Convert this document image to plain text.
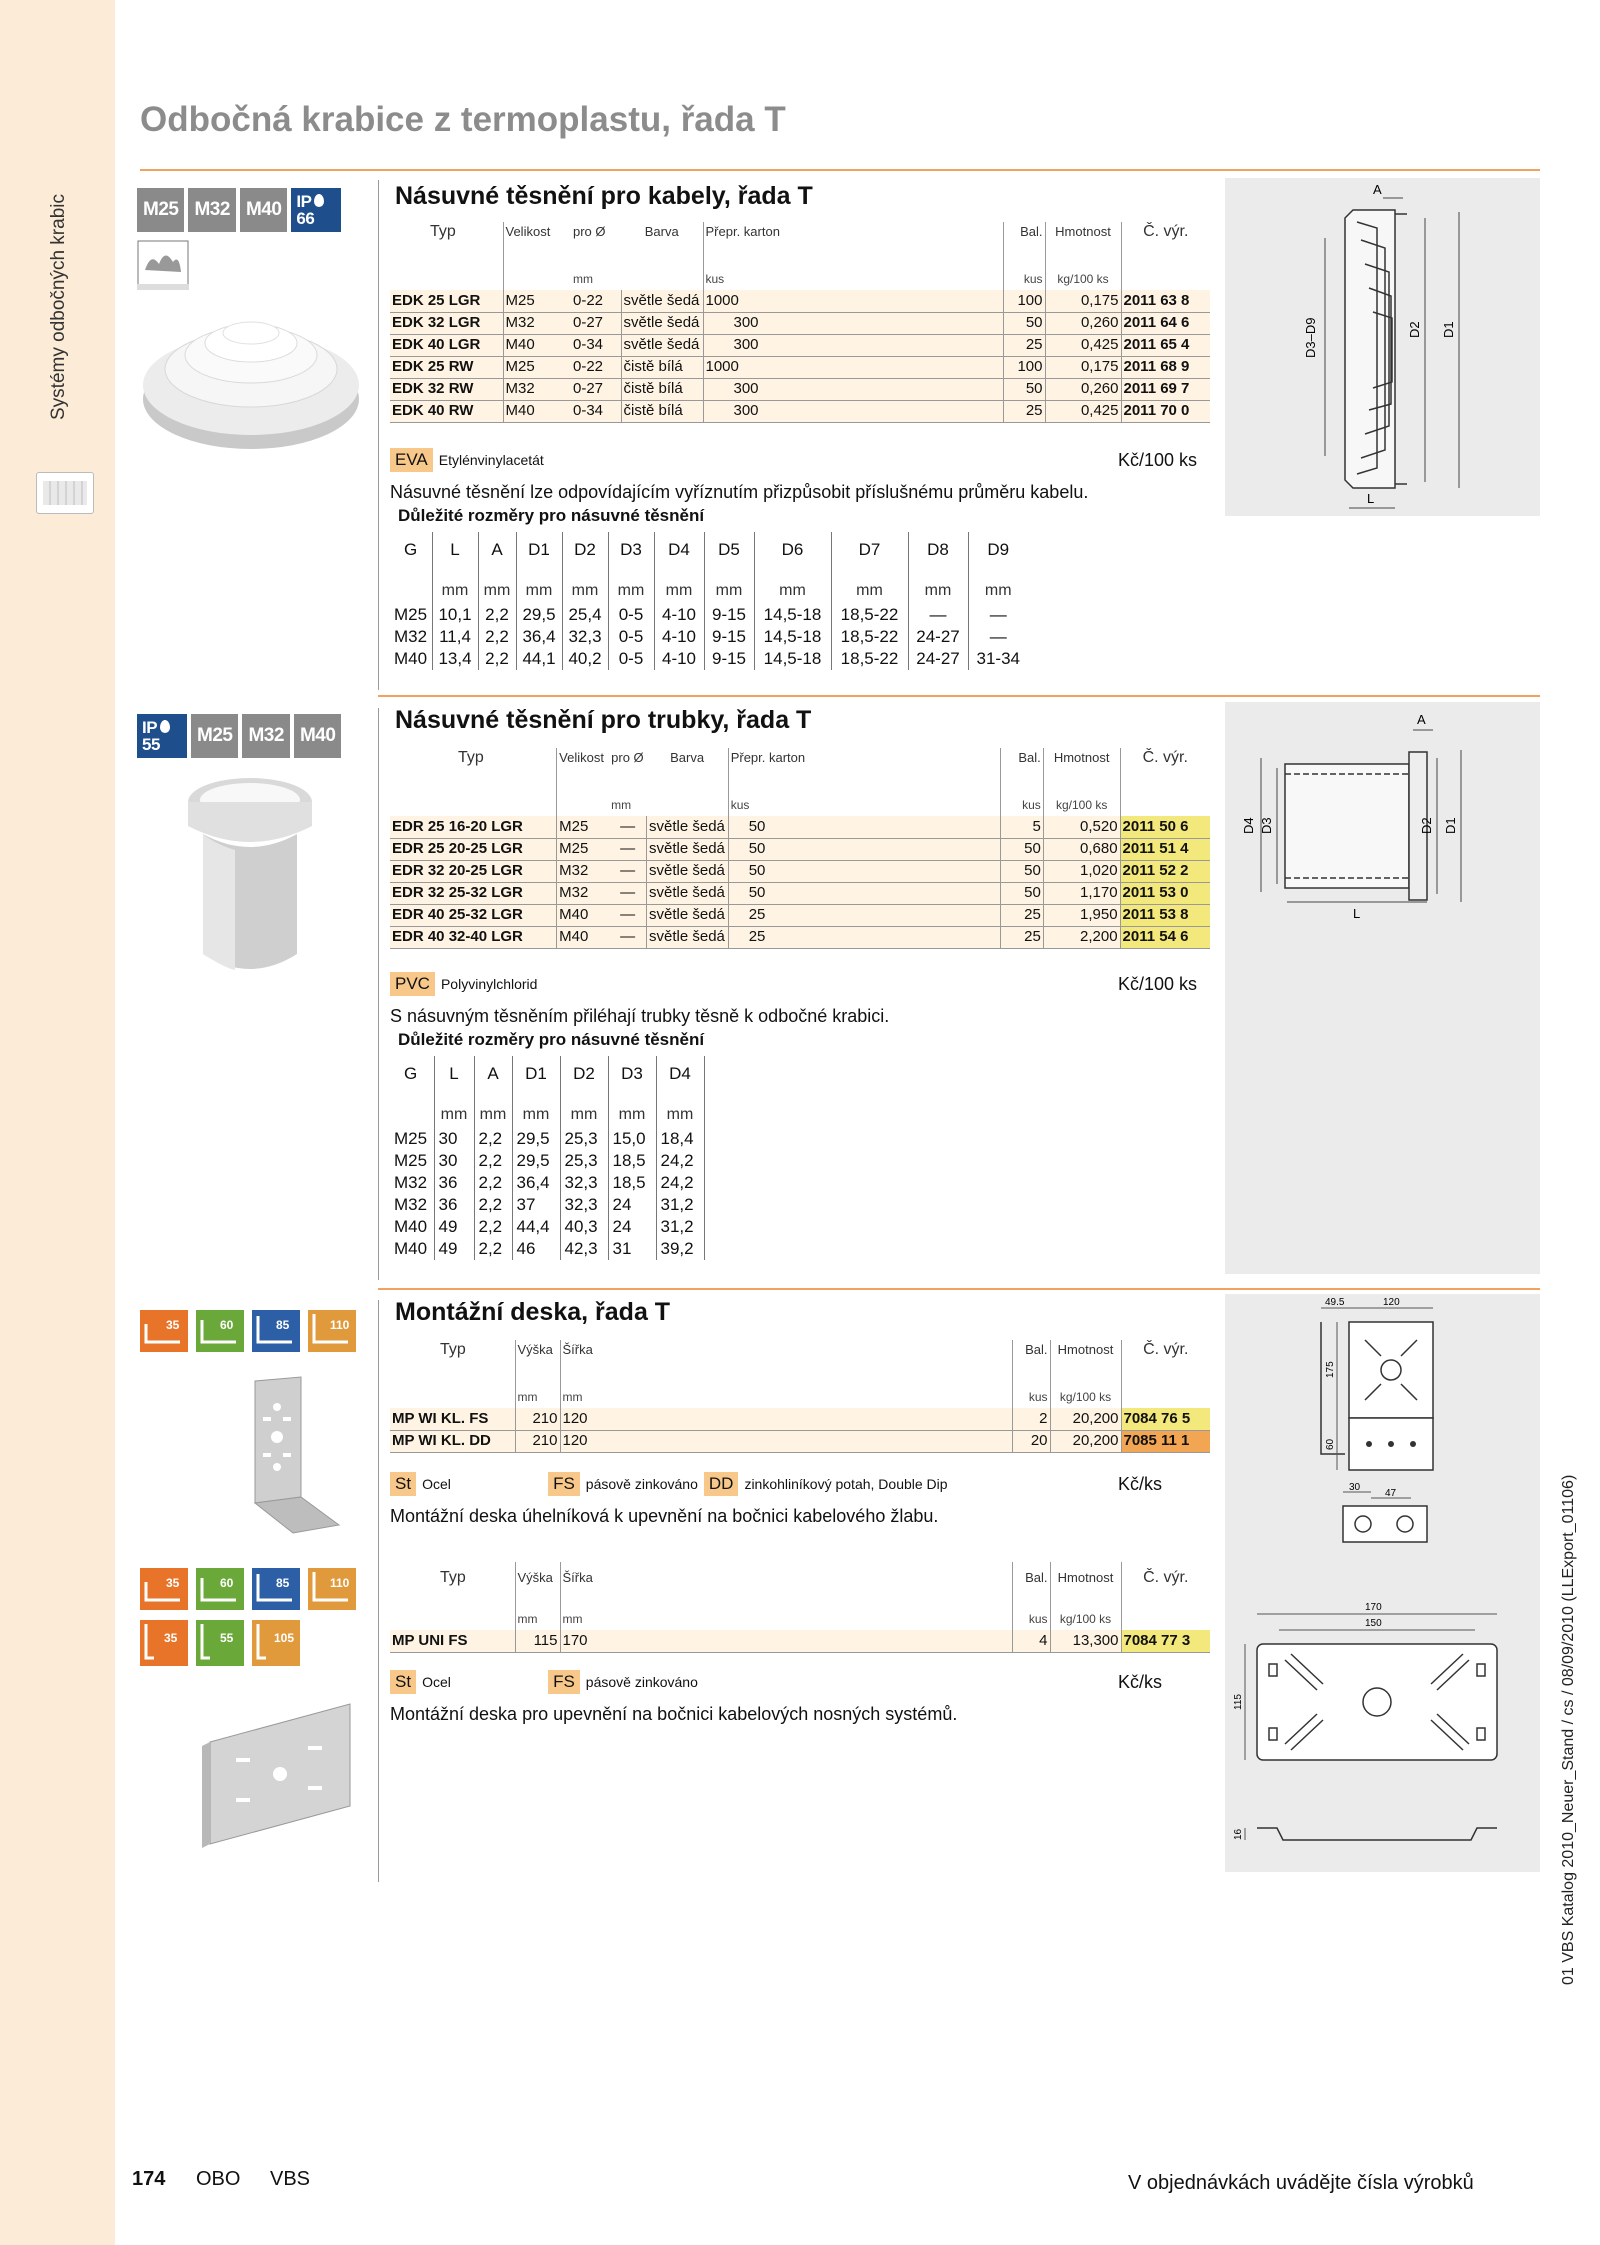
Systémy odbočných krabic
Odbočná krabice z termoplastu, řada T
M25 M32 M40 IP
66
Násuvné těsnění pro kabely, řada T
Typ	Velikost	pro Ø	Barva	Přepr. karton	Bal.	Hmotnost	Č. výr.
		mm		kus	kus	kg/100 ks	
EDK 25 LGR	M25	0-22	světle šedá	1000	100	0,175	2011 63 8
EDK 32 LGR	M32	0-27	světle šedá	300	50	0,260	2011 64 6
EDK 40 LGR	M40	0-34	světle šedá	300	25	0,425	2011 65 4
EDK 25 RW	M25	0-22	čistě bílá	1000	100	0,175	2011 68 9
EDK 32 RW	M32	0-27	čistě bílá	300	50	0,260	2011 69 7
EDK 40 RW	M40	0-34	čistě bílá	300	25	0,425	2011 70 0
EVA Etylénvinylacetát	Kč/100 ks
Násuvné těsnění lze odpovídajícím vyříznutím přizpůsobit příslušnému průměru kabelu.
Důležité rozměry pro násuvné těsnění
G	L	A	D1	D2	D3	D4	D5	D6	D7	D8	D9
	mm	mm	mm	mm	mm	mm	mm	mm	mm	mm	mm
M25	10,1	2,2	29,5	25,4	0-5	4-10	9-15	14,5-18	18,5-22	—	—
M32	11,4	2,2	36,4	32,3	0-5	4-10	9-15	14,5-18	18,5-22	24-27	—
M40	13,4	2,2	44,1	40,2	0-5	4-10	9-15	14,5-18	18,5-22	24-27	31-34
A
D3–D9	D2 D1
L
IP
55	M25 M32 M40
Násuvné těsnění pro trubky, řada T
Typ	Velikost	pro Ø	Barva	Přepr. karton	Bal.	Hmotnost	Č. výr.
		mm		kus	kus	kg/100 ks	
EDR 25 16-20 LGR	M25	—	světle šedá	50	5	0,520	2011 50 6
EDR 25 20-25 LGR	M25	—	světle šedá	50	50	0,680	2011 51 4
EDR 32 20-25 LGR	M32	—	světle šedá	50	50	1,020	2011 52 2
EDR 32 25-32 LGR	M32	—	světle šedá	50	50	1,170	2011 53 0
EDR 40 25-32 LGR	M40	—	světle šedá	25	25	1,950	2011 53 8
EDR 40 32-40 LGR	M40	—	světle šedá	25	25	2,200	2011 54 6
PVC Polyvinylchlorid	Kč/100 ks
S násuvným těsněním přiléhají trubky těsně k odbočné krabici.
Důležité rozměry pro násuvné těsnění
G	L	A	D1	D2	D3	D4
	mm	mm	mm	mm	mm	mm
M25	30	2,2	29,5	25,3	15,0	18,4
M25	30	2,2	29,5	25,3	18,5	24,2
M32	36	2,2	36,4	32,3	18,5	24,2
M32	36	2,2	37	32,3	24	31,2
M40	49	2,2	44,4	40,3	24	31,2
M40	49	2,2	46	42,3	31	39,2
A
D4 D3	D2 D1
L
35	60	85	110 Montážní deska, řada T
Typ	Výška	Šířka	Bal.	Hmotnost	Č. výr.
	mm	mm	kus	kg/100 ks	
MP WI KL. FS	210	120	2	20,200	7084 76 5
MP WI KL. DD	210	120	20	20,200	7085 11 1
St Ocel	FS pásově zinkováno DD zinkohliníkový potah, Double Dip	Kč/ks
Montážní deska úhelníková k upevnění na bočnici kabelového žlabu.
49.5	120
175
60
30
47
170
150
115
16
35	60	85	110
35	55	105
Typ	Výška	Šířka	Bal.	Hmotnost	Č. výr.
	mm	mm	kus	kg/100 ks	
MP UNI FS	115	170	4	13,300	7084 77 3
St Ocel	FS pásově zinkováno	Kč/ks
Montážní deska pro upevnění na bočnici kabelových nosných systémů.
174 OBO VBS	V objednávkách uvádějte čísla výrobků
01 VBS Katalog 2010_Neuer_Stand / cs / 08/09/2010 (LLExport_01106)
